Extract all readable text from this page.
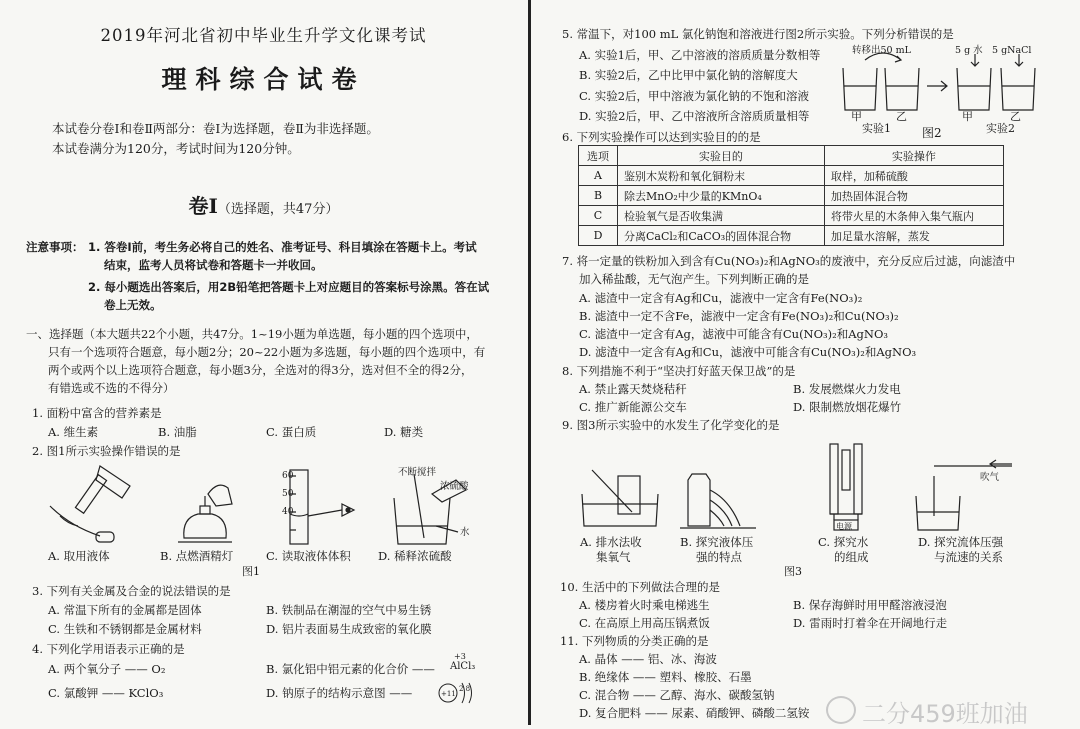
2019年河北省初中毕业生升学文化课考试
理科综合试卷
本试卷分卷Ⅰ和卷Ⅱ两部分：卷Ⅰ为选择题，卷Ⅱ为非选择题。
本试卷满分为120分，考试时间为120分钟。
卷Ⅰ（选择题，共47分）
注意事项： 1. 答卷Ⅰ前，考生务必将自己的姓名、准考证号、科目填涂在答题卡上。考试
结束，监考人员将试卷和答题卡一并收回。
2. 每小题选出答案后，用2B铅笔把答题卡上对应题目的答案标号涂黑。答在试
卷上无效。
一、选择题（本大题共22个小题，共47分。1~19小题为单选题，每小题的四个选项中，
只有一个选项符合题意，每小题2分；20~22小题为多选题，每小题的四个选项中，有
两个或两个以上选项符合题意，每小题3分，全选对的得3分，选对但不全的得2分，
有错选或不选的不得分）
1. 面粉中富含的营养素是
A. 维生素	B. 油脂	C. 蛋白质	D. 糖类
2. 图1所示实验操作错误的是
60
50
40
不断搅拌
浓硫酸
水
A. 取用液体	B. 点燃酒精灯	C. 读取液体体积 D. 稀释浓硫酸
图1
3. 下列有关金属及合金的说法错误的是
A. 常温下所有的金属都是固体	B. 铁制品在潮湿的空气中易生锈
C. 生铁和不锈钢都是金属材料	D. 铝片表面易生成致密的氧化膜
4. 下列化学用语表示正确的是
A. 两个氧分子 —— O₂	B. 氯化铝中铝元素的化合价 —— AlCl₃
+3
C. 氯酸钾 —— KClO₃	D. 钠原子的结构示意图 ——	+11
2 8
5. 常温下，对100 mL 氯化钠饱和溶液进行图2所示实验。下列分析错误的是
A. 实验1后，甲、乙中溶液的溶质质量分数相等
B. 实验2后，乙中比甲中氯化钠的溶解度大
C. 实验2后，甲中溶液为氯化钠的不饱和溶液
D. 实验2后，甲、乙中溶液所含溶质质量相等
转移出50 mL	5 g 水 5 gNaCl
甲	乙	甲	乙
实验1	图2	实验2
6. 下列实验操作可以达到实验目的的是
选项	实验目的	实验操作
A	鉴别木炭粉和氧化铜粉末	取样，加稀硫酸
B	除去MnO₂中少量的KMnO₄	加热固体混合物
C	检验氧气是否收集满	将带火星的木条伸入集气瓶内
D	分离CaCl₂和CaCO₃的固体混合物	加足量水溶解，蒸发
7. 将一定量的铁粉加入到含有Cu(NO₃)₂和AgNO₃的废液中，充分反应后过滤，向滤渣中
加入稀盐酸，无气泡产生。下列判断正确的是
A. 滤渣中一定含有Ag和Cu，滤液中一定含有Fe(NO₃)₂
B. 滤渣中一定不含Fe，滤液中一定含有Fe(NO₃)₂和Cu(NO₃)₂
C. 滤渣中一定含有Ag，滤液中可能含有Cu(NO₃)₂和AgNO₃
D. 滤渣中一定含有Ag和Cu，滤液中可能含有Cu(NO₃)₂和AgNO₃
8. 下列措施不利于“坚决打好蓝天保卫战”的是
A. 禁止露天焚烧秸秆	B. 发展燃煤火力发电
C. 推广新能源公交车	D. 限制燃放烟花爆竹
9. 图3所示实验中的水发生了化学变化的是
电源
吹气
A. 排水法收
集氧气
B. 探究液体压
强的特点
C. 探究水
的组成
D. 探究流体压强
与流速的关系
图3
10. 生活中的下列做法合理的是
A. 楼房着火时乘电梯逃生	B. 保存海鲜时用甲醛溶液浸泡
C. 在高原上用高压锅煮饭	D. 雷雨时打着伞在开阔地行走
11. 下列物质的分类正确的是
A. 晶体 —— 铝、冰、海波
B. 绝缘体 —— 塑料、橡胶、石墨
C. 混合物 —— 乙醇、海水、碳酸氢钠
D. 复合肥料 —— 尿素、硝酸钾、磷酸二氢铵 二分459班加油
